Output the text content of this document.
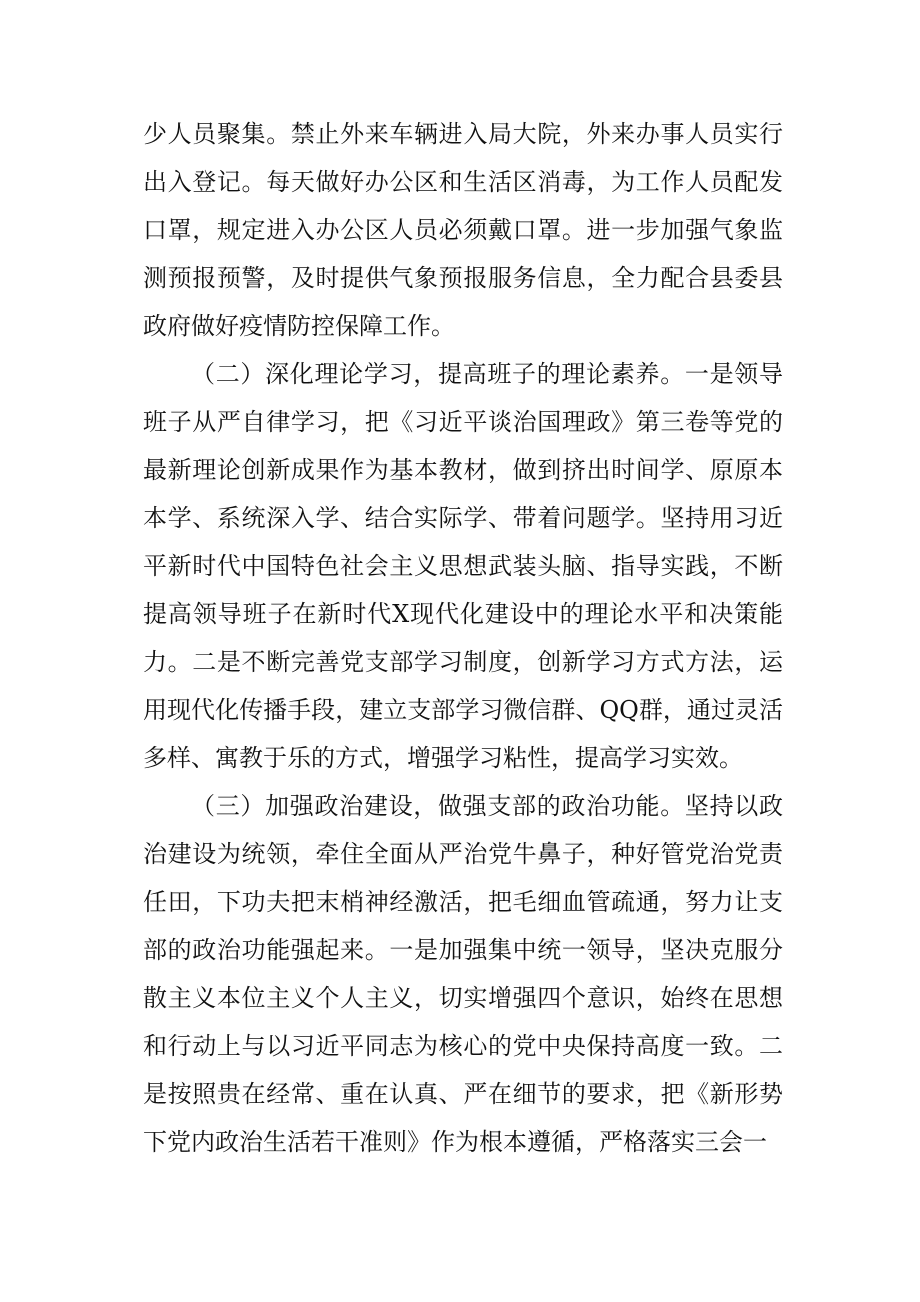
少人员聚集。禁止外来车辆进入局大院，外来办事人员实行出入登记。每天做好办公区和生活区消毒，为工作人员配发口罩，规定进入办公区人员必须戴口罩。进一步加强气象监测预报预警，及时提供气象预报服务信息，全力配合县委县政府做好疫情防控保障工作。

（二）深化理论学习，提高班子的理论素养。一是领导班子从严自律学习，把《习近平谈治国理政》第三卷等党的最新理论创新成果作为基本教材，做到挤出时间学、原原本本学、系统深入学、结合实际学、带着问题学。坚持用习近平新时代中国特色社会主义思想武装头脑、指导实践，不断提高领导班子在新时代X现代化建设中的理论水平和决策能力。二是不断完善党支部学习制度，创新学习方式方法，运用现代化传播手段，建立支部学习微信群、QQ群，通过灵活多样、寓教于乐的方式，增强学习粘性，提高学习实效。

（三）加强政治建设，做强支部的政治功能。坚持以政治建设为统领，牵住全面从严治党牛鼻子，种好管党治党责任田，下功夫把末梢神经激活，把毛细血管疏通，努力让支部的政治功能强起来。一是加强集中统一领导，坚决克服分散主义本位主义个人主义，切实增强四个意识，始终在思想和行动上与以习近平同志为核心的党中央保持高度一致。二是按照贵在经常、重在认真、严在细节的要求，把《新形势下党内政治生活若干准则》作为根本遵循，严格落实三会一
